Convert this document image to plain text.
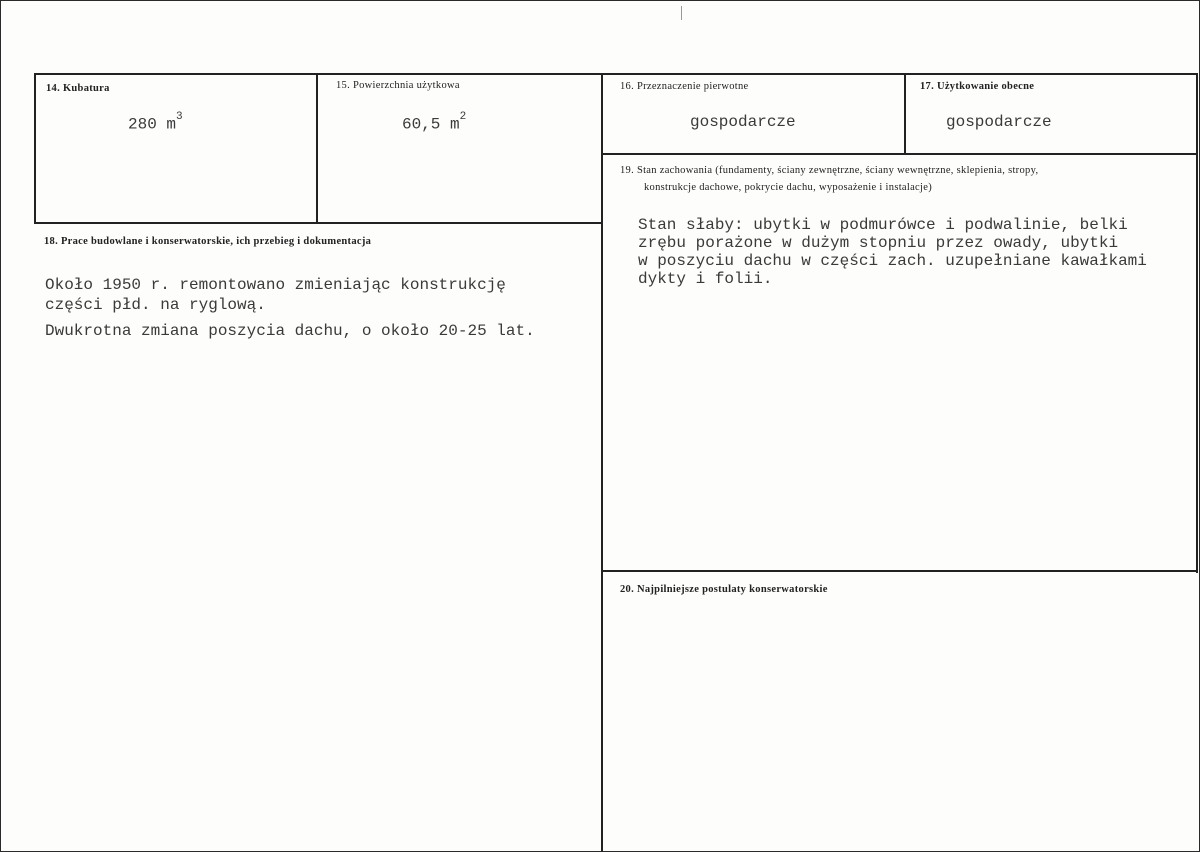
14. Kubatura
280 $m^3$
15. Powierzchnia użytkowa
60,5 $m^2$
16. Przeznaczenie pierwotne
gospodarcze
17. Użytkowanie obecne
gospodarcze
19. Stan zachowania (fundamenty, ściany zewnętrzne, ściany wewnętrzne, sklepienia, stropy,
konstrukcje dachowe, pokrycie dachu, wyposażenie i instalacje)
Stan słaby: ubytki w podmurówce i podwalinie, belki
zrębu porażone w dużym stopniu przez owady, ubytki
w poszyciu dachu w części zach. uzupełniane kawałkami
dykty i folii.
18. Prace budowlane i konserwatorskie, ich przebieg i dokumentacja
Około 1950 r. remontowano zmieniając konstrukcję
części płd. na ryglową.
Dwukrotna zmiana poszycia dachu, o około 20-25 lat.
20. Najpilniejsze postulaty konserwatorskie
